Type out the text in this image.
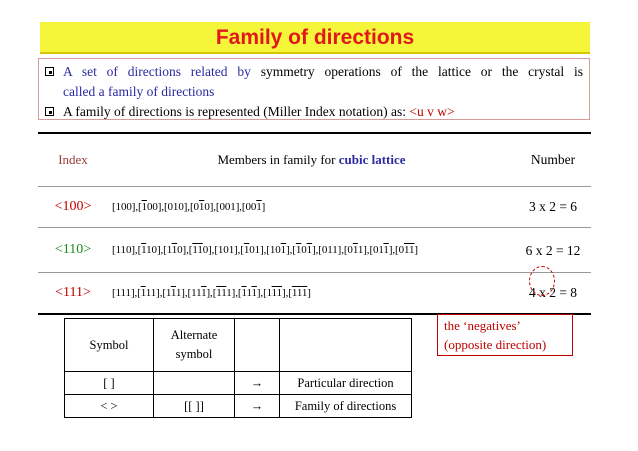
Family of directions
A set of directions related by symmetry operations of the lattice or the crystal is
called a family of directions
A family of directions is represented (Miller Index notation) as: <u v w>
Index	Members in family for cubic lattice	Number
<100>	[100],[100],[010],[010],[001],[001]	3 x 2 = 6
<110>	[110],[110],[110],[110],[101],[101],[101],[101],[011],[011],[011],[011]	6 x 2 = 12
<111>	[111],[111],[111],[111],[111],[111],[111],[111]	4 x 2 = 8
the ‘negatives’
(opposite direction)
Symbol	Alternate symbol		
[ ]		→	Particular direction
< >	[[ ]]	→	Family of directions
